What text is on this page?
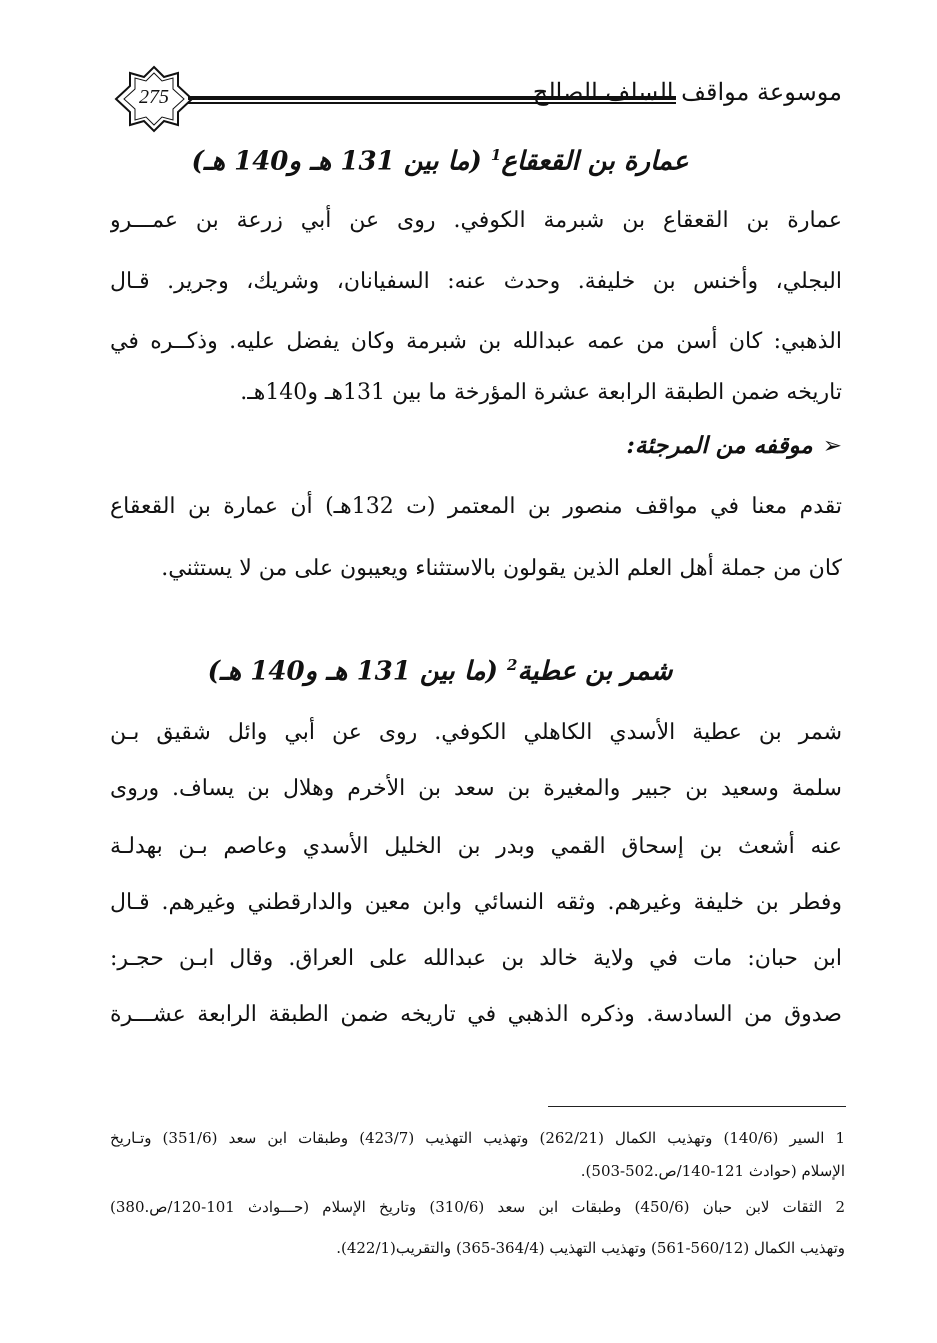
275	موسوعة مواقف السلف الصالح
عمارة بن القعقاع$^1$ (ما بين 131 هـ و140 هـ)
عمارة بن القعقاع بن شبرمة الكوفي. روى عن أبي زرعة بن عمـــرو
البجلي، وأخنس بن خليفة. وحدث عنه: السفيانان، وشريك، وجرير. قـال
الذهبي: كان أسن من عمه عبدالله بن شبرمة وكان يفضل عليه. وذكــره في
تاريخه ضمن الطبقة الرابعة عشرة المؤرخة ما بين 131هـ و140هـ.
➢موقفه من المرجئة:
تقدم معنا في مواقف منصور بن المعتمر (ت 132هـ) أن عمارة بن القعقاع
كان من جملة أهل العلم الذين يقولون بالاستثناء ويعيبون على من لا يستثني.
شمر بن عطية$^2$ (ما بين 131 هـ و140 هـ)
شمر بن عطية الأسدي الكاهلي الكوفي. روى عن أبي وائل شقيق بـن
سلمة وسعيد بن جبير والمغيرة بن سعد بن الأخرم وهلال بن يساف. وروى
عنه أشعث بن إسحاق القمي وبدر بن الخليل الأسدي وعاصم بـن بهدلـة
وفطر بن خليفة وغيرهم. وثقه النسائي وابن معين والدارقطني وغيرهم. قـال
ابن حبان: مات في ولاية خالد بن عبدالله على العراق. وقال ابـن حجـر:
صدوق من السادسة. وذكره الذهبي في تاريخه ضمن الطبقة الرابعة عشـــرة
1 السير (140/6) وتهذيب الكمال (262/21) وتهذيب التهذيب (423/7) وطبقات ابن سعد (351/6) وتـاريخ
الإسلام (حوادث 121-140/ص.502-503).
2 الثقات لابن حبان (450/6) وطبقات ابن سعد (310/6) وتاريخ الإسلام (حـــوادث 101-120/ص.380)
وتهذيب الكمال (560/12-561) وتهذيب التهذيب (364/4-365) والتقريب(422/1).
